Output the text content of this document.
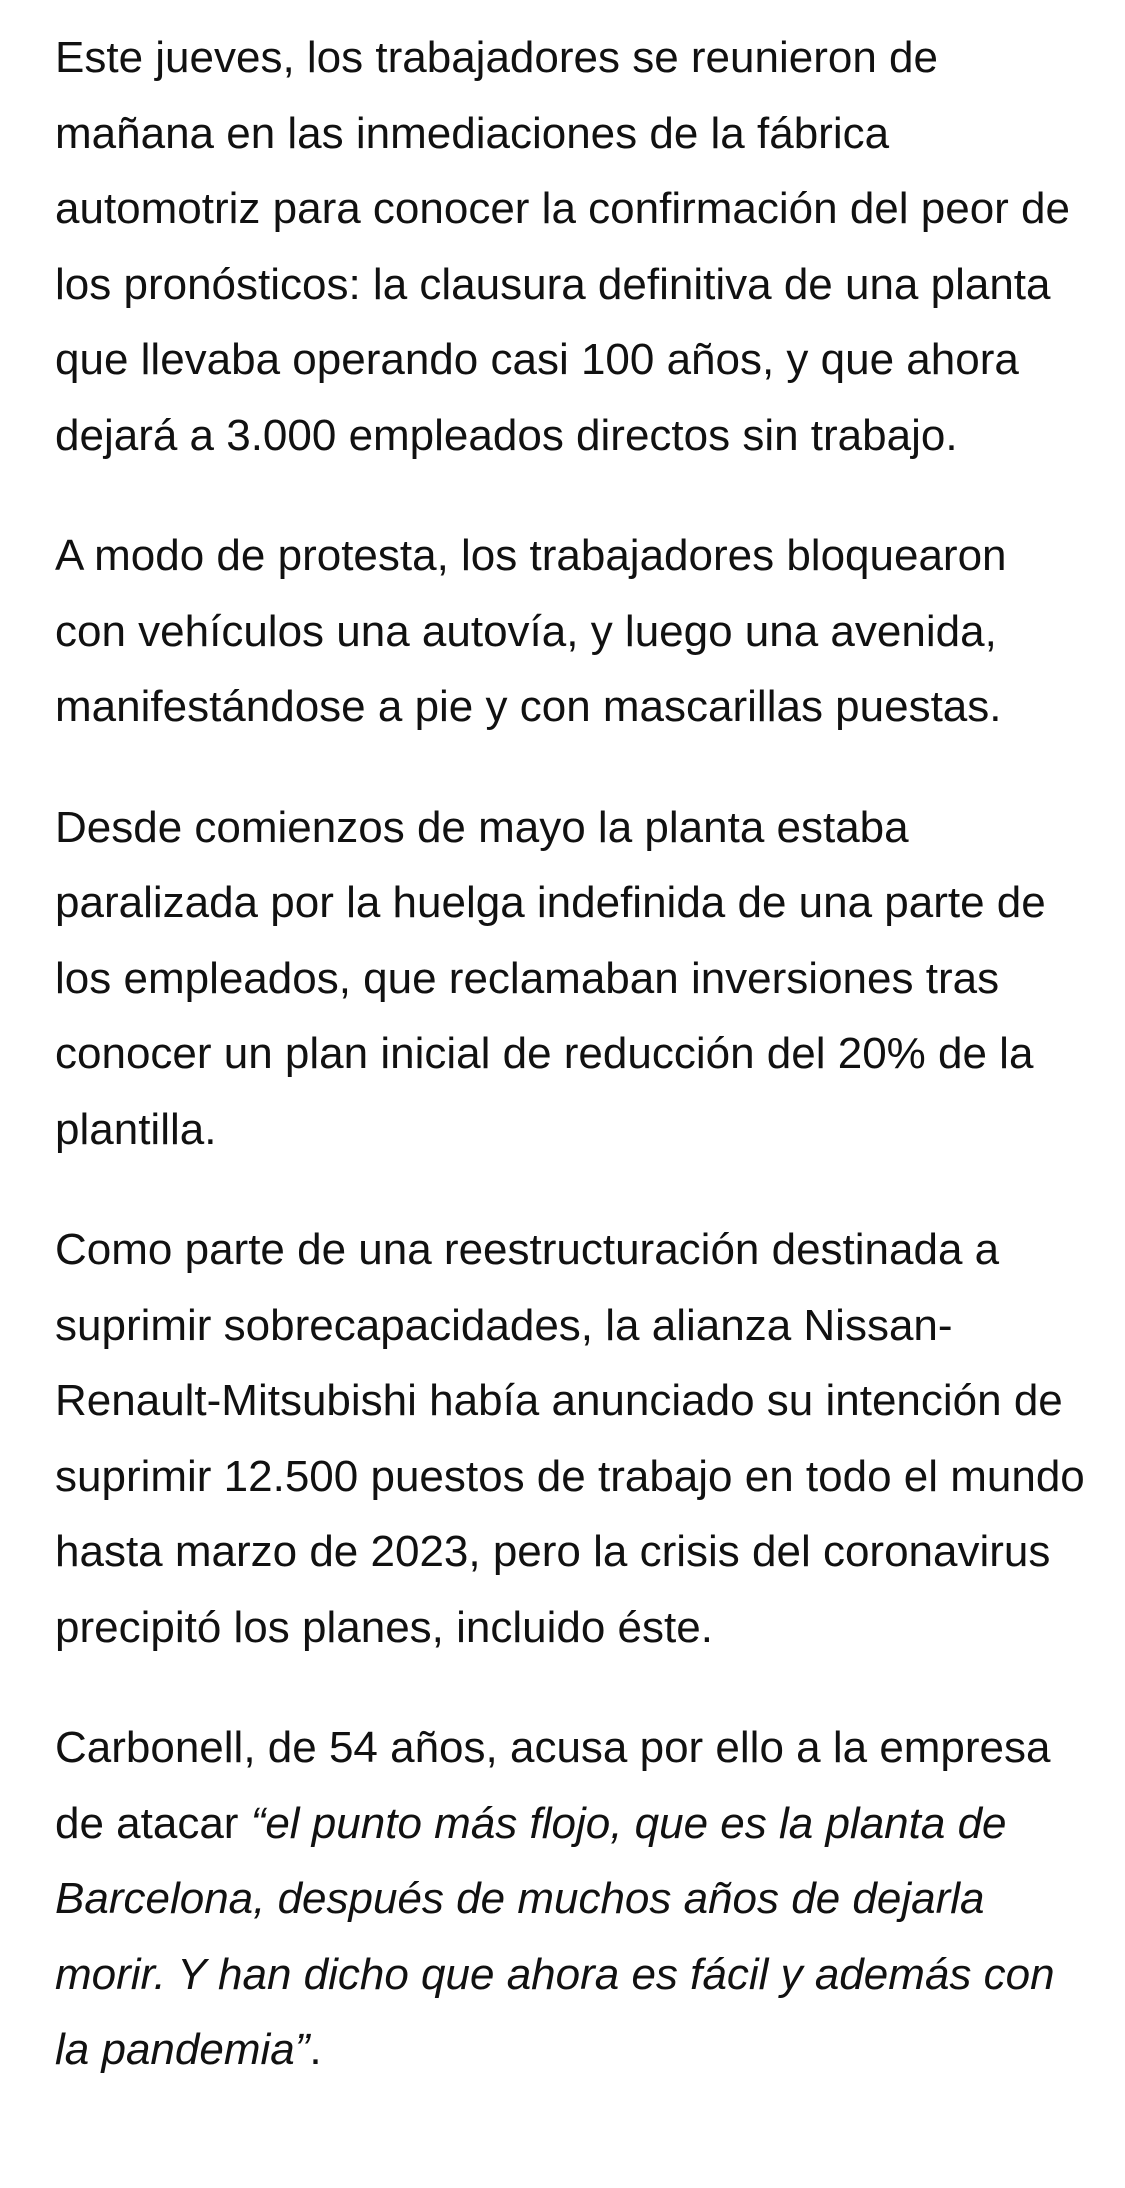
Este jueves, los trabajadores se reunieron de mañana en las inmediaciones de la fábrica automotriz para conocer la confirmación del peor de los pronósticos: la clausura definitiva de una planta que llevaba operando casi 100 años, y que ahora dejará a 3.000 empleados directos sin trabajo.

A modo de protesta, los trabajadores bloquearon con vehículos una autovía, y luego una avenida, manifestándose a pie y con mascarillas puestas.

Desde comienzos de mayo la planta estaba paralizada por la huelga indefinida de una parte de los empleados, que reclamaban inversiones tras conocer un plan inicial de reducción del 20% de la plantilla.

Como parte de una reestructuración destinada a suprimir sobrecapacidades, la alianza Nissan-Renault-Mitsubishi había anunciado su intención de suprimir 12.500 puestos de trabajo en todo el mundo hasta marzo de 2023, pero la crisis del coronavirus precipitó los planes, incluido éste.

Carbonell, de 54 años, acusa por ello a la empresa de atacar “el punto más flojo, que es la planta de Barcelona, después de muchos años de dejarla morir. Y han dicho que ahora es fácil y además con la pandemia”.
